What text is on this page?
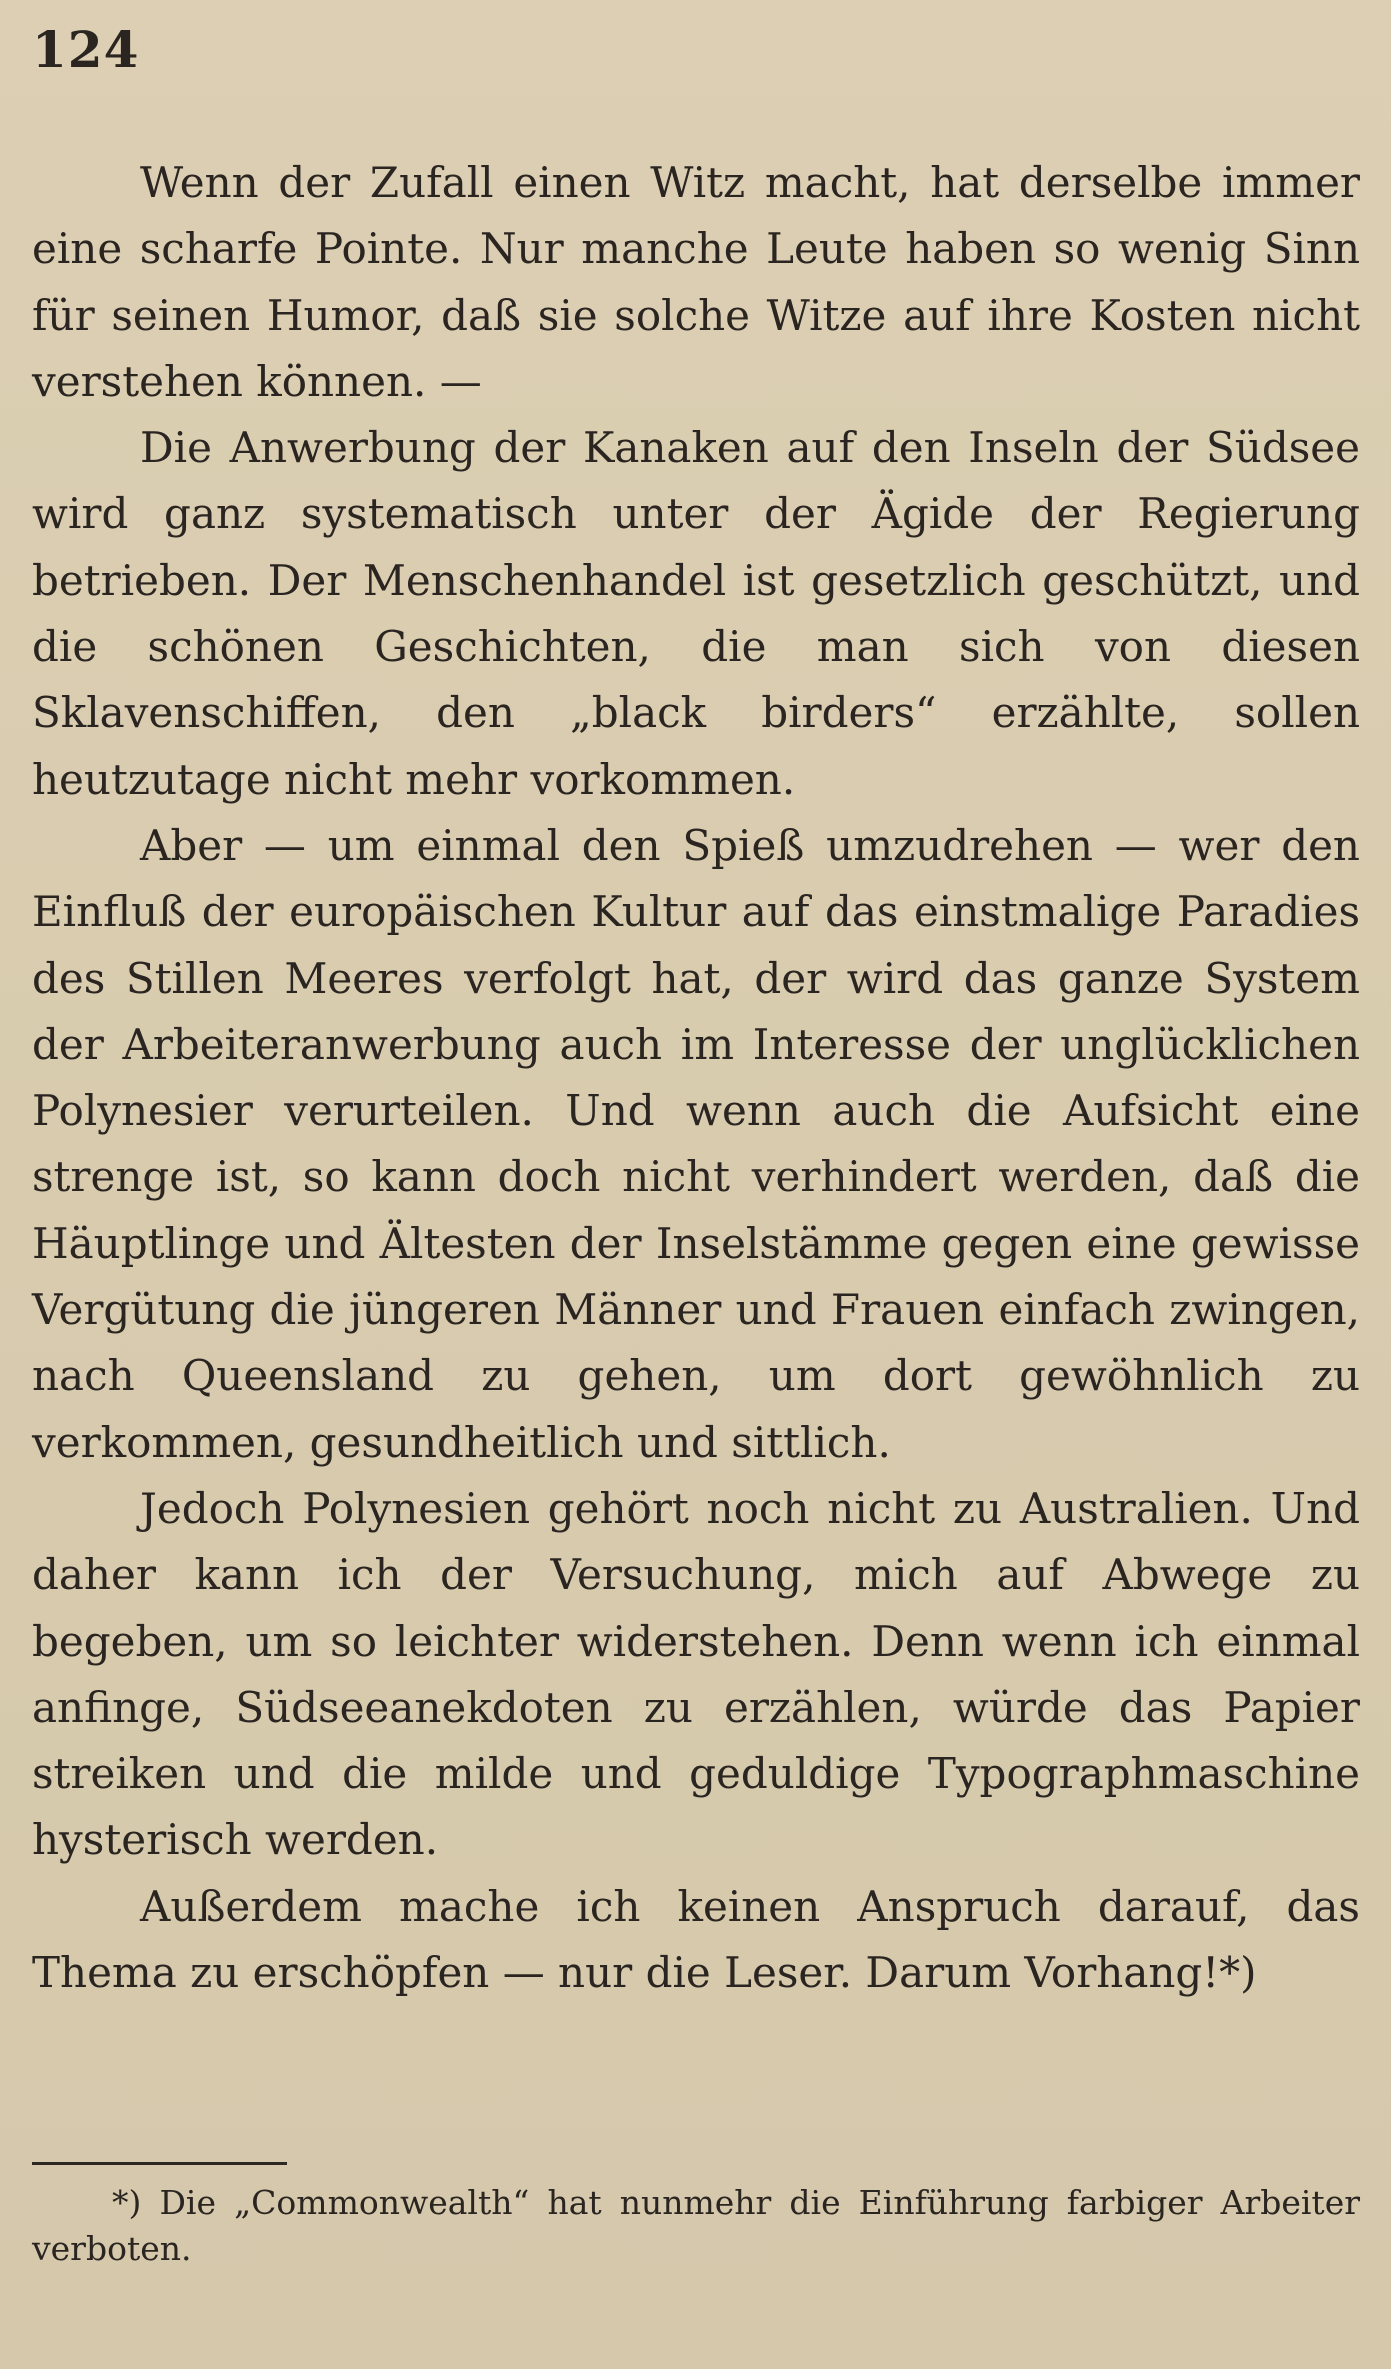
124

Wenn der Zufall einen Witz macht, hat derselbe immer eine scharfe Pointe. Nur manche Leute haben so wenig Sinn für seinen Humor, daß sie solche Witze auf ihre Kosten nicht verstehen können. —

Die Anwerbung der Kanaken auf den Inseln der Südsee wird ganz systematisch unter der Ägide der Regierung betrieben. Der Menschenhandel ist gesetzlich geschützt, und die schönen Geschichten, die man sich von diesen Sklavenschiffen, den „black birders“ erzählte, sollen heutzutage nicht mehr vorkommen.

Aber — um einmal den Spieß umzudrehen — wer den Einfluß der europäischen Kultur auf das einstmalige Paradies des Stillen Meeres verfolgt hat, der wird das ganze System der Arbeiteranwerbung auch im Interesse der unglücklichen Polynesier verurteilen. Und wenn auch die Aufsicht eine strenge ist, so kann doch nicht verhindert werden, daß die Häuptlinge und Ältesten der Inselstämme gegen eine gewisse Vergütung die jüngeren Männer und Frauen einfach zwingen, nach Queensland zu gehen, um dort gewöhnlich zu verkommen, gesundheitlich und sittlich.

Jedoch Polynesien gehört noch nicht zu Australien. Und daher kann ich der Versuchung, mich auf Abwege zu begeben, um so leichter widerstehen. Denn wenn ich einmal anfinge, Südseeanekdoten zu erzählen, würde das Papier streiken und die milde und geduldige Typographmaschine hysterisch werden.

Außerdem mache ich keinen Anspruch darauf, das Thema zu erschöpfen — nur die Leser. Darum Vorhang!*)

*) Die „Commonwealth“ hat nunmehr die Einführung farbiger Arbeiter verboten.
